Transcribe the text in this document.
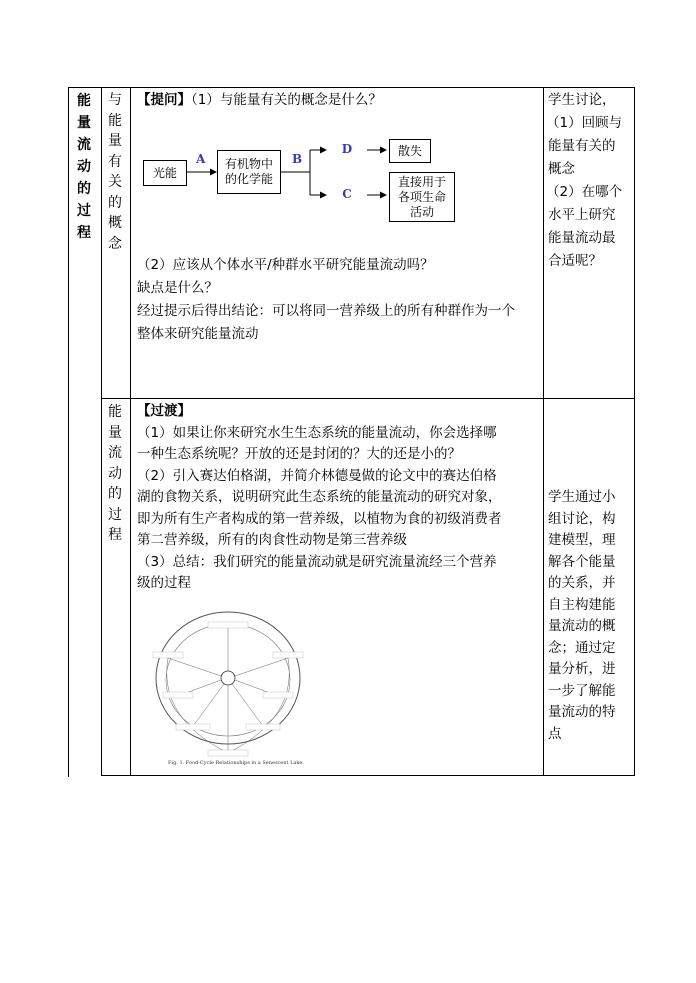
能
量
流
动
的
过
程
与
能
量
有
关
的
概
念
能
量
流
动
的
过
程

【提问】（1）与能量有关的概念是什么？

光能
A 有机物中
的化学能
B
D	散失
C
直接用于
各项生命
活动

（2）应该从个体水平/种群水平研究能量流动吗？

缺点是什么？

经过提示后得出结论：可以将同一营养级上的所有种群作为一个

整体来研究能量流动

学生讨论，

（1）回顾与

能量有关的

概念

（2）在哪个

水平上研究

能量流动最

合适呢？

【过渡】

（1）如果让你来研究水生生态系统的能量流动，你会选择哪

一种生态系统呢？开放的还是封闭的？大的还是小的？

（2）引入赛达伯格湖，并简介林德曼做的论文中的赛达伯格

湖的食物关系，说明研究此生态系统的能量流动的研究对象，

即为所有生产者构成的第一营养级，以植物为食的初级消费者

第二营养级，所有的肉食性动物是第三营养级

（3）总结：我们研究的能量流动就是研究流量流经三个营养

级的过程

Fig. 1. Food-Cycle Relationships in a Senescent Lake.

学生通过小

组讨论，构

建模型，理

解各个能量

的关系，并

自主构建能

量流动的概

念；通过定

量分析，进

一步了解能

量流动的特

点
